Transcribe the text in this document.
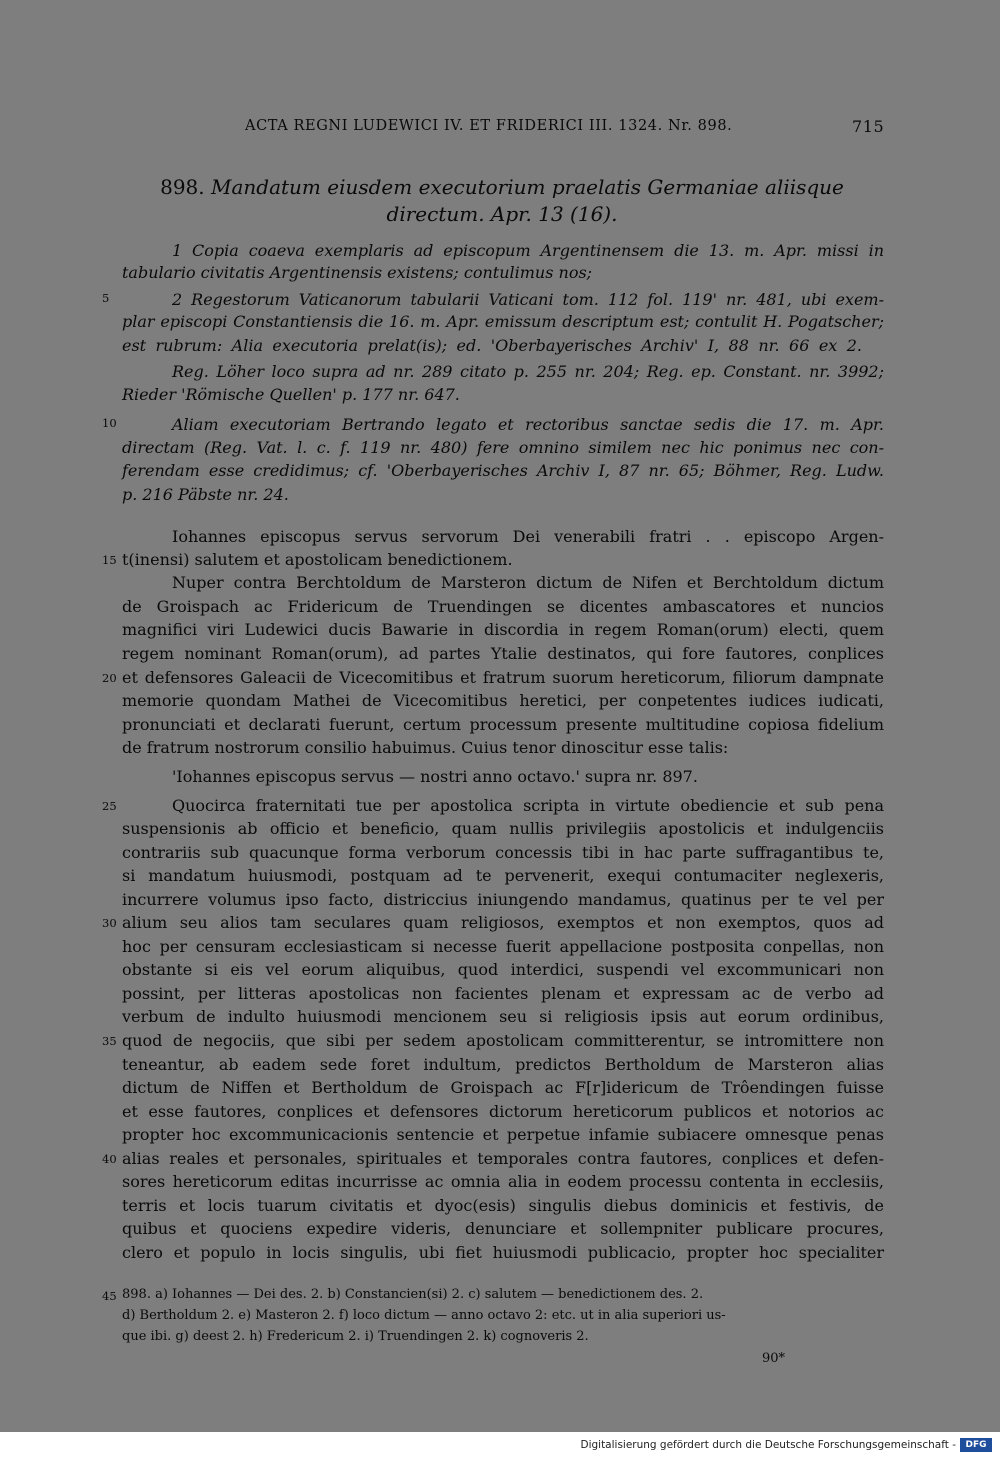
ACTA REGNI LUDEWICI IV. ET FRIDERICI III. 1324. Nr. 898.	715
898. Mandatum eiusdem executorium praelatis Germaniae aliisque
directum. Apr. 13 (16).
1 Copia coaeva exemplaris ad episcopum Argentinensem die 13. m. Apr. missi in
tabulario civitatis Argentinensis existens; contulimus nos;
2 Regestorum Vaticanorum tabularii Vaticani tom. 112 fol. 119' nr. 481, ubi exem-
plar episcopi Constantiensis die 16. m. Apr. emissum descriptum est; contulit H. Pogatscher;
est rubrum: Alia executoria prelat(is); ed. 'Oberbayerisches Archiv' I, 88 nr. 66 ex 2.
Reg. Löher loco supra ad nr. 289 citato p. 255 nr. 204; Reg. ep. Constant. nr. 3992;
Rieder 'Römische Quellen' p. 177 nr. 647.
Aliam executoriam Bertrando legato et rectoribus sanctae sedis die 17. m. Apr.
directam (Reg. Vat. l. c. f. 119 nr. 480) fere omnino similem nec hic ponimus nec con-
ferendam esse credidimus; cf. 'Oberbayerisches Archiv I, 87 nr. 65; Böhmer, Reg. Ludw.
p. 216 Päbste nr. 24.
Iohannes episcopus servus servorum Dei venerabili fratri . . episcopo Argen-
t(inensi) salutem et apostolicam benedictionem.
Nuper contra Berchtoldum de Marsteron dictum de Nifen et Berchtoldum dictum
de Groispach ac Fridericum de Truendingen se dicentes ambascatores et nuncios
magnifici viri Ludewici ducis Bawarie in discordia in regem Roman(orum) electi, quem
regem nominant Roman(orum), ad partes Ytalie destinatos, qui fore fautores, conplices
et defensores Galeacii de Vicecomitibus et fratrum suorum hereticorum, filiorum dampnate
memorie quondam Mathei de Vicecomitibus heretici, per conpetentes iudices iudicati,
pronunciati et declarati fuerunt, certum processum presente multitudine copiosa fidelium
de fratrum nostrorum consilio habuimus. Cuius tenor dinoscitur esse talis:
'Iohannes episcopus servus — nostri anno octavo.' supra nr. 897.
Quocirca fraternitati tue per apostolica scripta in virtute obediencie et sub pena
suspensionis ab officio et beneficio, quam nullis privilegiis apostolicis et indulgenciis
contrariis sub quacunque forma verborum concessis tibi in hac parte suffragantibus te,
si mandatum huiusmodi, postquam ad te pervenerit, exequi contumaciter neglexeris,
incurrere volumus ipso facto, districcius iniungendo mandamus, quatinus per te vel per
alium seu alios tam seculares quam religiosos, exemptos et non exemptos, quos ad
hoc per censuram ecclesiasticam si necesse fuerit appellacione postposita conpellas, non
obstante si eis vel eorum aliquibus, quod interdici, suspendi vel excommunicari non
possint, per litteras apostolicas non facientes plenam et expressam ac de verbo ad
verbum de indulto huiusmodi mencionem seu si religiosis ipsis aut eorum ordinibus,
quod de negociis, que sibi per sedem apostolicam committerentur, se intromittere non
teneantur, ab eadem sede foret indultum, predictos Bertholdum de Marsteron alias
dictum de Niffen et Bertholdum de Groispach ac F[r]idericum de Trôendingen fuisse
et esse fautores, conplices et defensores dictorum hereticorum publicos et notorios ac
propter hoc excommunicacionis sentencie et perpetue infamie subiacere omnesque penas
alias reales et personales, spirituales et temporales contra fautores, conplices et defen-
sores hereticorum editas incurrisse ac omnia alia in eodem processu contenta in ecclesiis,
terris et locis tuarum civitatis et dyoc(esis) singulis diebus dominicis et festivis, de
quibus et quociens expedire videris, denunciare et sollempniter publicare procures,
clero et populo in locis singulis, ubi fiet huiusmodi publicacio, propter hoc specialiter
5
10
15
20
25
30
35
40
45 898. a) Iohannes — Dei des. 2. b) Constancien(si) 2. c) salutem — benedictionem des. 2.
d) Bertholdum 2. e) Masteron 2. f) loco dictum — anno octavo 2: etc. ut in alia superiori us-
que ibi. g) deest 2. h) Fredericum 2. i) Truendingen 2. k) cognoveris 2.
90*
Digitalisierung gefördert durch die Deutsche Forschungsgemeinschaft -	DFG
